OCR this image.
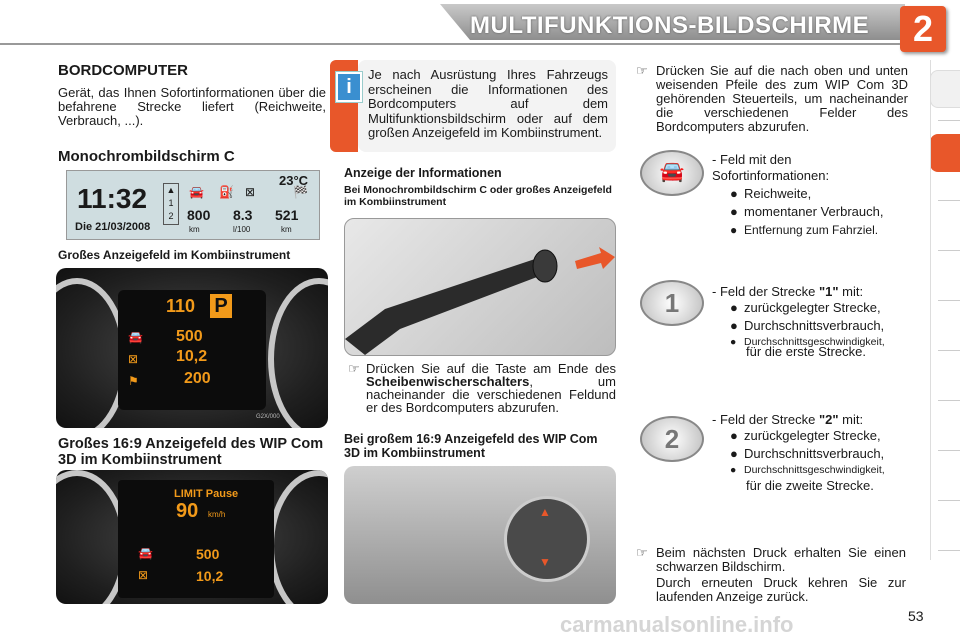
MULTIFUNKTIONS-BILDSCHIRME	2
BORDCOMPUTER
Gerät, das Ihnen Sofortinformationen über die befahrene Strecke liefert (Reichweite, Verbrauch, ...).
Monochrombildschirm C
11:32
Die 21/03/2008
23°C
▲
1
2
🚘 ⛽ ⊠	🏁
800
km
8.3
l/100
521
km
Großes Anzeigefeld im Kombiinstrument
110 P
🚘 500
⊠ 10,2
⚑	200
G2X/000
Großes 16:9 Anzeigefeld des WIP Com 3D im Kombiinstrument
LIMIT Pause
90 km/h
🚘	500
⊠	10,2
i
Je nach Ausrüstung Ihres Fahrzeugs erscheinen die Informationen des Bordcomputers auf dem Multifunktionsbildschirm oder auf dem großen Anzeigefeld im Kombiinstrument.
Anzeige der Informationen
Bei Monochrombildschirm C oder großes Anzeigefeld im Kombiinstrument
☞ Drücken Sie auf die Taste am Ende des Scheibenwischerschalters, um nacheinander die verschiedenen Feldund er des Bordcomputers abzurufen.
Bei großem 16:9 Anzeigefeld des WIP Com 3D im Kombiinstrument
▲
▼
☞ Drücken Sie auf die nach oben und unten weisenden Pfeile des zum WIP Com 3D gehörenden Steuerteils, um nacheinander die verschiedenen Felder des Bordcomputers abzurufen.
🚘
- Feld mit den Sofortinformationen:
● Reichweite,
● momentaner Verbrauch,
● Entfernung zum Fahrziel.
1	- Feld der Strecke "1" mit:
● zurückgelegter Strecke,
● Durchschnittsverbrauch,
● Durchschnittsgeschwindigkeit,
für die erste Strecke.
2
- Feld der Strecke "2" mit:
● zurückgelegter Strecke,
● Durchschnittsverbrauch,
● Durchschnittsgeschwindigkeit,
für die zweite Strecke.
☞ Beim nächsten Druck erhalten Sie einen schwarzen Bildschirm.
Durch erneuten Druck kehren Sie zur laufenden Anzeige zurück.
carmanualsonline.info	53
